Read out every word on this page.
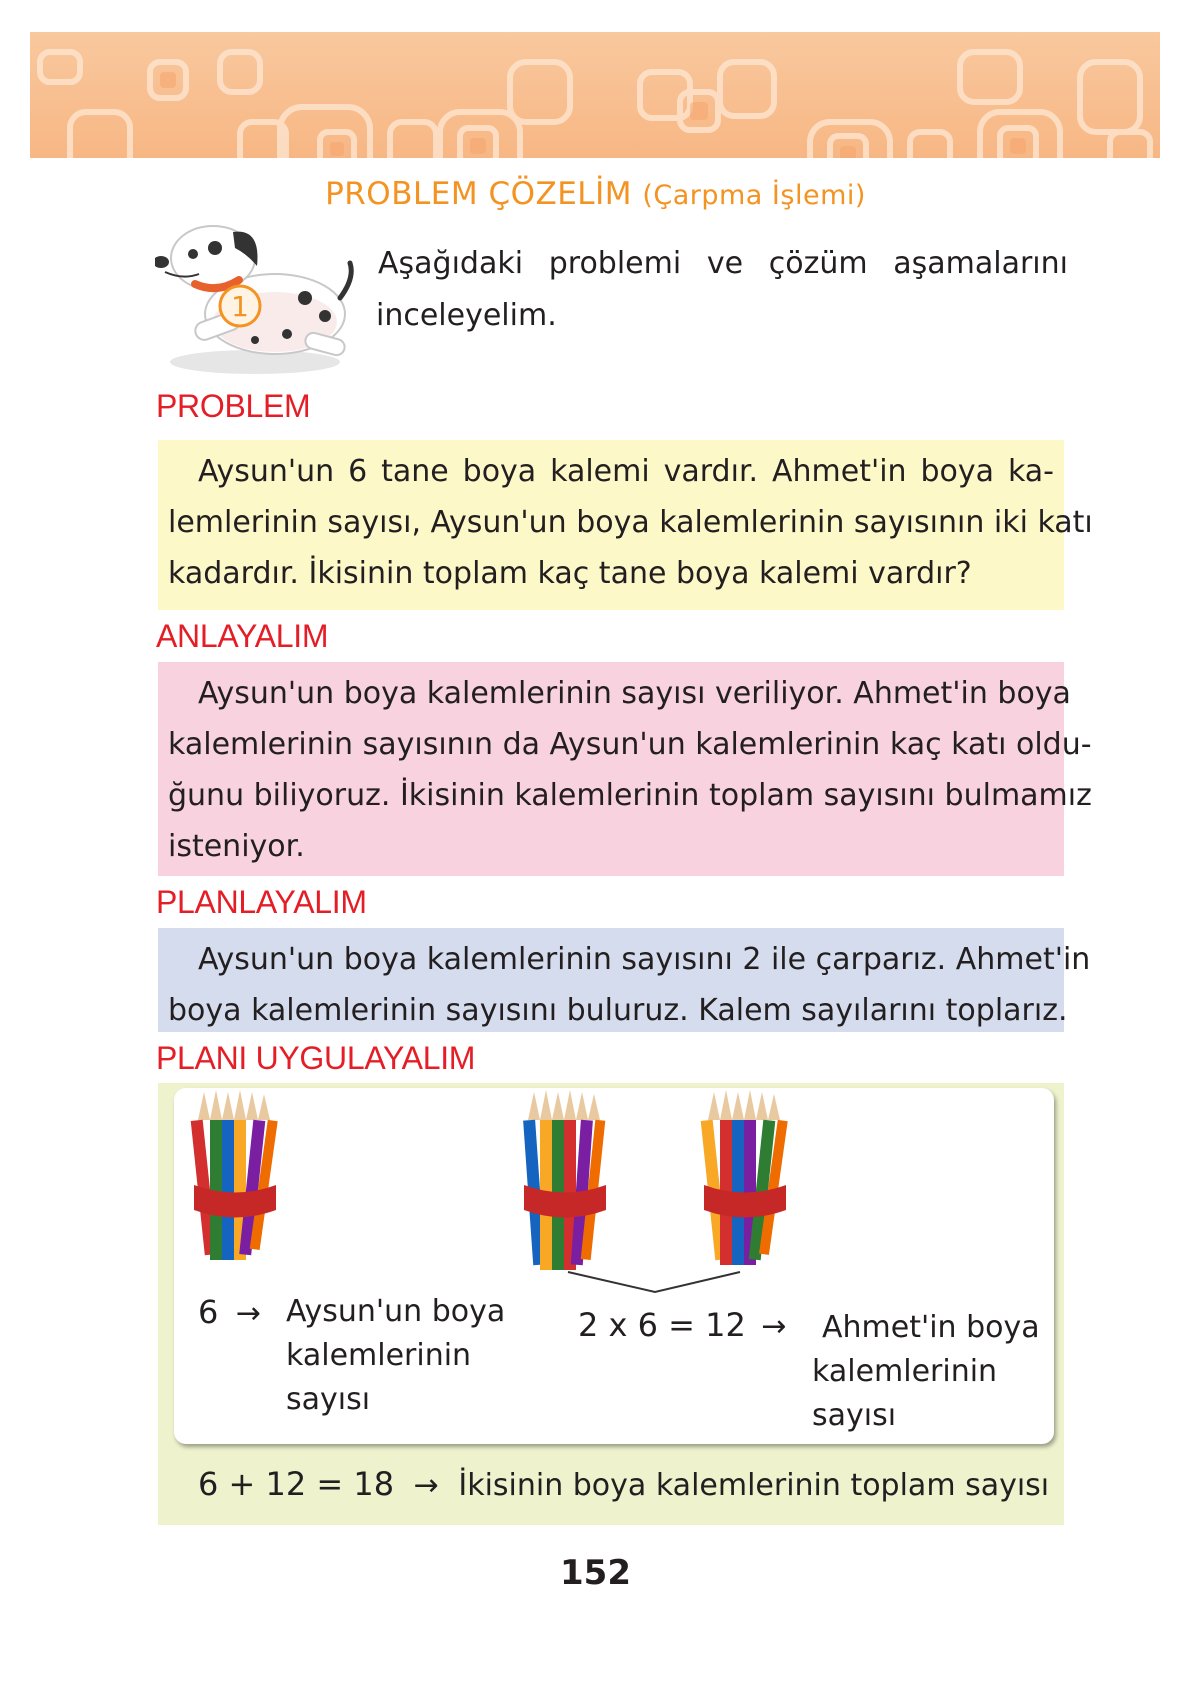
PROBLEM ÇÖZELİM (Çarpma İşlemi)
1
Aşağıdaki problemi ve çözüm aşamalarını
inceleyelim.
PROBLEM
Aysun'un 6 tane boya kalemi vardır. Ahmet'in boya ka-
lemlerinin sayısı, Aysun'un boya kalemlerinin sayısının iki katı
kadardır. İkisinin toplam kaç tane boya kalemi vardır?
ANLAYALIM
Aysun'un boya kalemlerinin sayısı veriliyor. Ahmet'in boya
kalemlerinin sayısının da Aysun'un kalemlerinin kaç katı oldu-
ğunu biliyoruz. İkisinin kalemlerinin toplam sayısını bulmamız
isteniyor.
PLANLAYALIM
Aysun'un boya kalemlerinin sayısını 2 ile çarparız. Ahmet'in
boya kalemlerinin sayısını buluruz. Kalem sayılarını toplarız.
PLANI UYGULAYALIM
6 → Aysun'un boya
kalemlerinin
sayısı
2 x 6 = 12 → Ahmet'in boya
kalemlerinin
sayısı
6 + 12 = 18 → İkisinin boya kalemlerinin toplam sayısı
152
